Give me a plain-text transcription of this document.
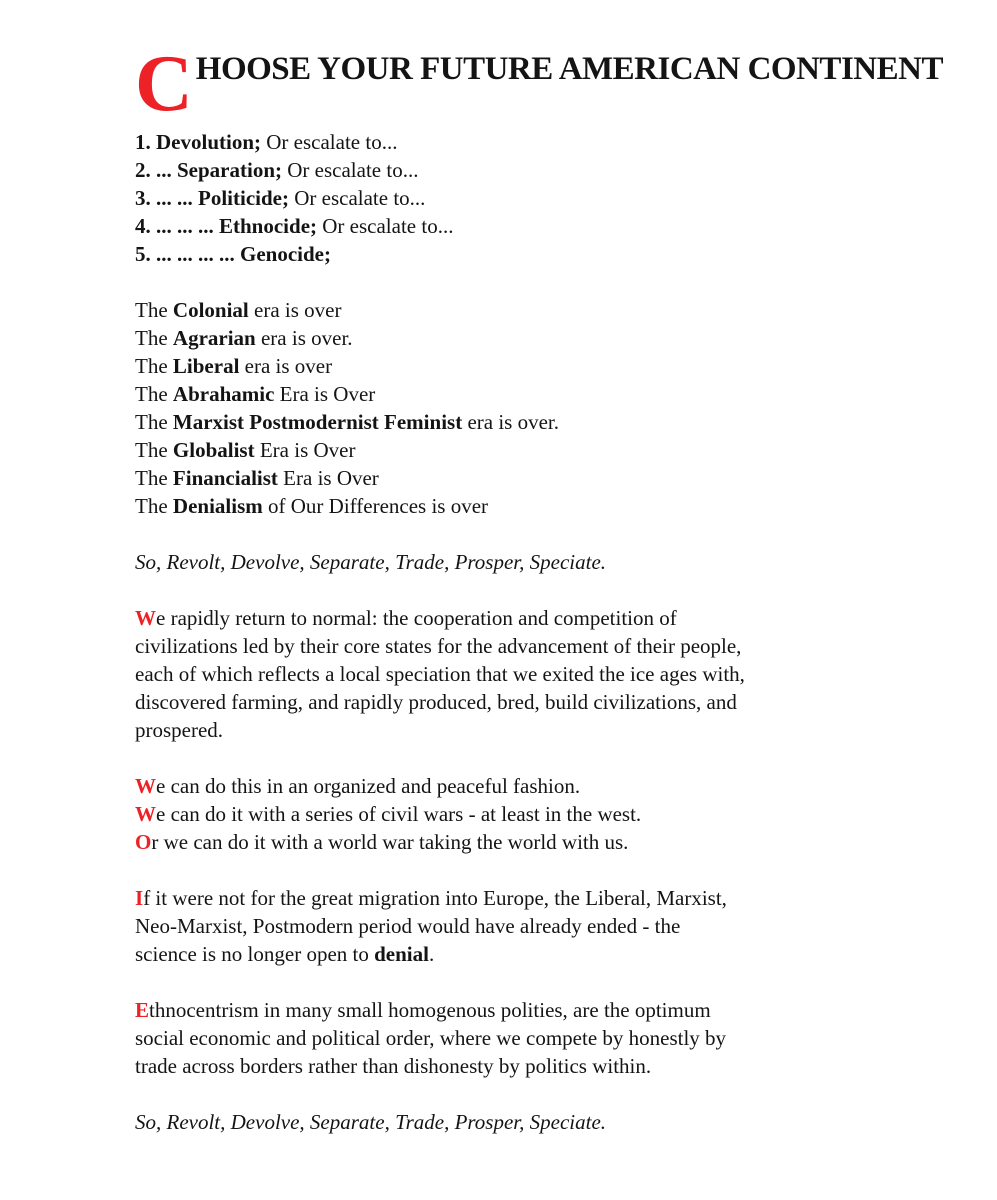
C HOOSE YOUR FUTURE AMERICAN CONTINENT
1. Devolution; Or escalate to...
2. ... Separation; Or escalate to...
3. ... ... Politicide; Or escalate to...
4. ... ... ... Ethnocide; Or escalate to...
5. ... ... ... ... Genocide;
The Colonial era is over
The Agrarian era is over.
The Liberal era is over
The Abrahamic Era is Over
The Marxist Postmodernist Feminist era is over.
The Globalist Era is Over
The Financialist Era is Over
The Denialism of Our Differences is over
So, Revolt, Devolve, Separate, Trade, Prosper, Speciate.
We rapidly return to normal: the cooperation and competition of
civilizations led by their core states for the advancement of their people,
each of which reflects a local speciation that we exited the ice ages with,
discovered farming, and rapidly produced, bred, build civilizations, and
prospered.
We can do this in an organized and peaceful fashion.
We can do it with a series of civil wars - at least in the west.
Or we can do it with a world war taking the world with us.
If it were not for the great migration into Europe, the Liberal, Marxist,
Neo-Marxist, Postmodern period would have already ended - the
science is no longer open to denial.
Ethnocentrism in many small homogenous polities, are the optimum
social economic and political order, where we compete by honestly by
trade across borders rather than dishonesty by politics within.
So, Revolt, Devolve, Separate, Trade, Prosper, Speciate.
